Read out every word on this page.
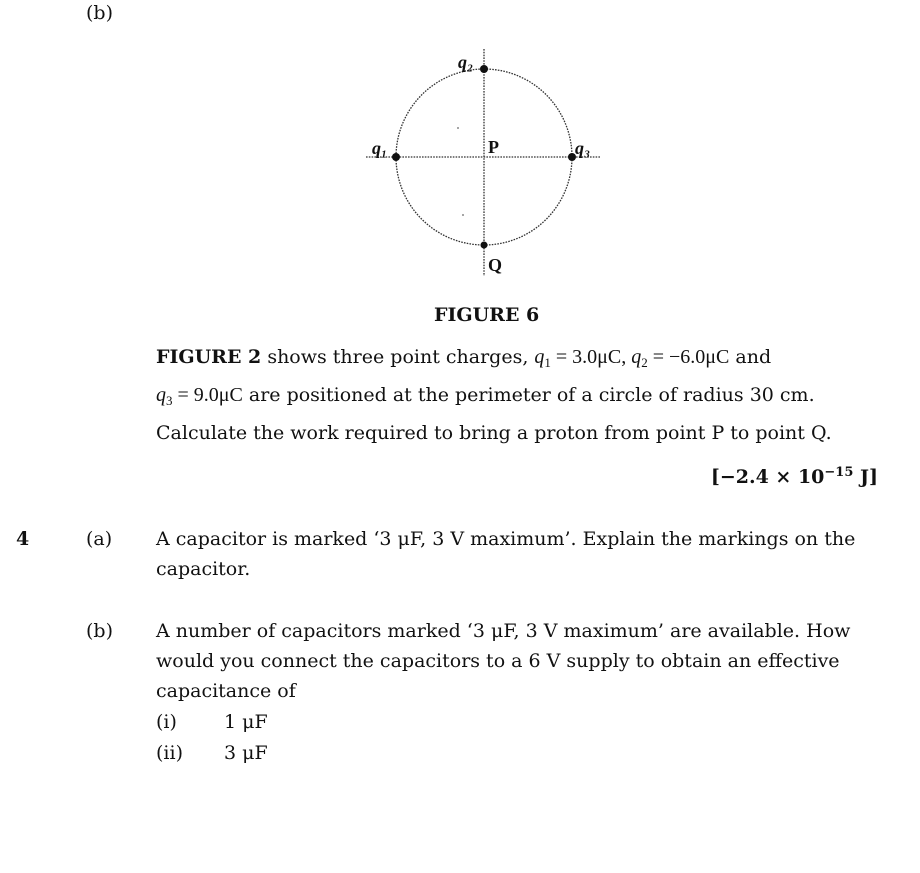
(b)
q₂
q₁	q₃
P
Q
FIGURE 6
FIGURE 2 shows three point charges, $q_1 = 3.0\mu C$, $q_2 = -6.0\mu C$ and
$q_3 = 9.0\mu C$ are positioned at the perimeter of a circle of radius 30 cm.
Calculate the work required to bring a proton from point P to point Q.
[$-2.4 \times 10^{-15}$ J]
4	(a) A capacitor is marked ‘3 μF, 3 V maximum’. Explain the markings on the
capacitor.
(b) A number of capacitors marked ‘3 μF, 3 V maximum’ are available. How
would you connect the capacitors to a 6 V supply to obtain an effective
capacitance of
(i) 1 μF
(ii) 3 μF
